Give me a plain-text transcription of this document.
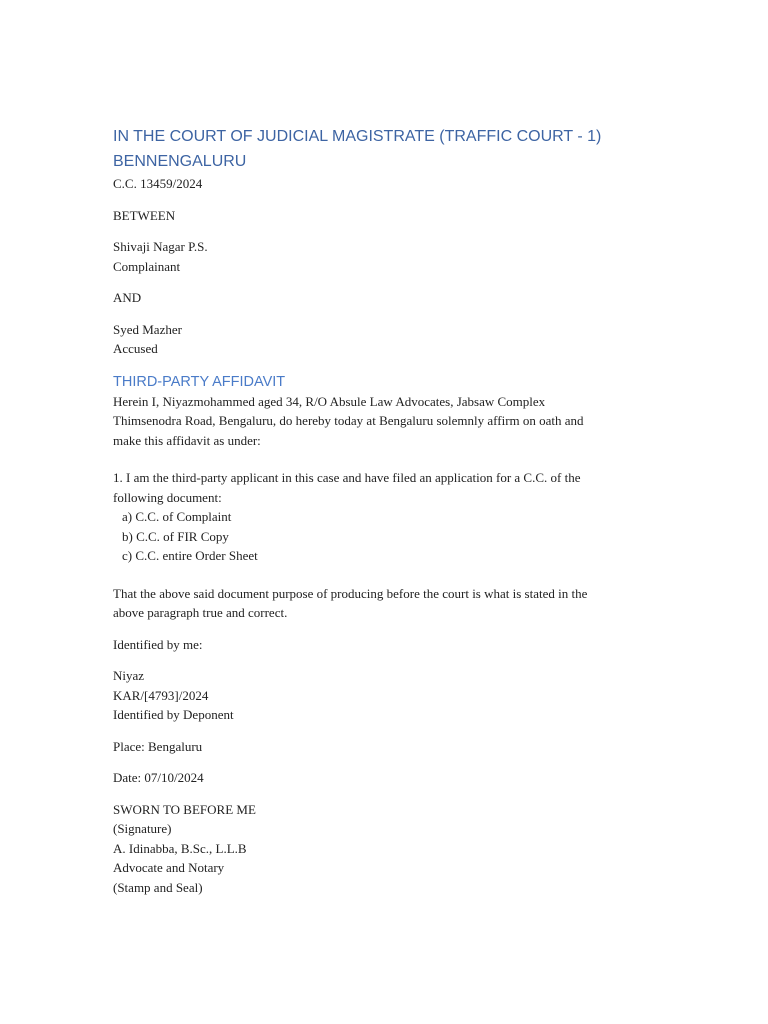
IN THE COURT OF JUDICIAL MAGISTRATE (TRAFFIC COURT - 1)

BENNENGALURU

C.C. 13459/2024

BETWEEN

Shivaji Nagar P.S.

Complainant

AND

Syed Mazher

Accused

THIRD-PARTY AFFIDAVIT

Herein I, Niyazmohammed aged 34, R/O Absule Law Advocates, Jabsaw Complex

Thimsenodra Road, Bengaluru, do hereby today at Bengaluru solemnly affirm on oath and

make this affidavit as under:

1. I am the third-party applicant in this case and have filed an application for a C.C. of the

following document:

a) C.C. of Complaint

b) C.C. of FIR Copy

c) C.C. entire Order Sheet

That the above said document purpose of producing before the court is what is stated in the

above paragraph true and correct.

Identified by me:

Niyaz

KAR/[4793]/2024

Identified by Deponent

Place: Bengaluru

Date: 07/10/2024

SWORN TO BEFORE ME

(Signature)

A. Idinabba, B.Sc., L.L.B

Advocate and Notary

(Stamp and Seal)
